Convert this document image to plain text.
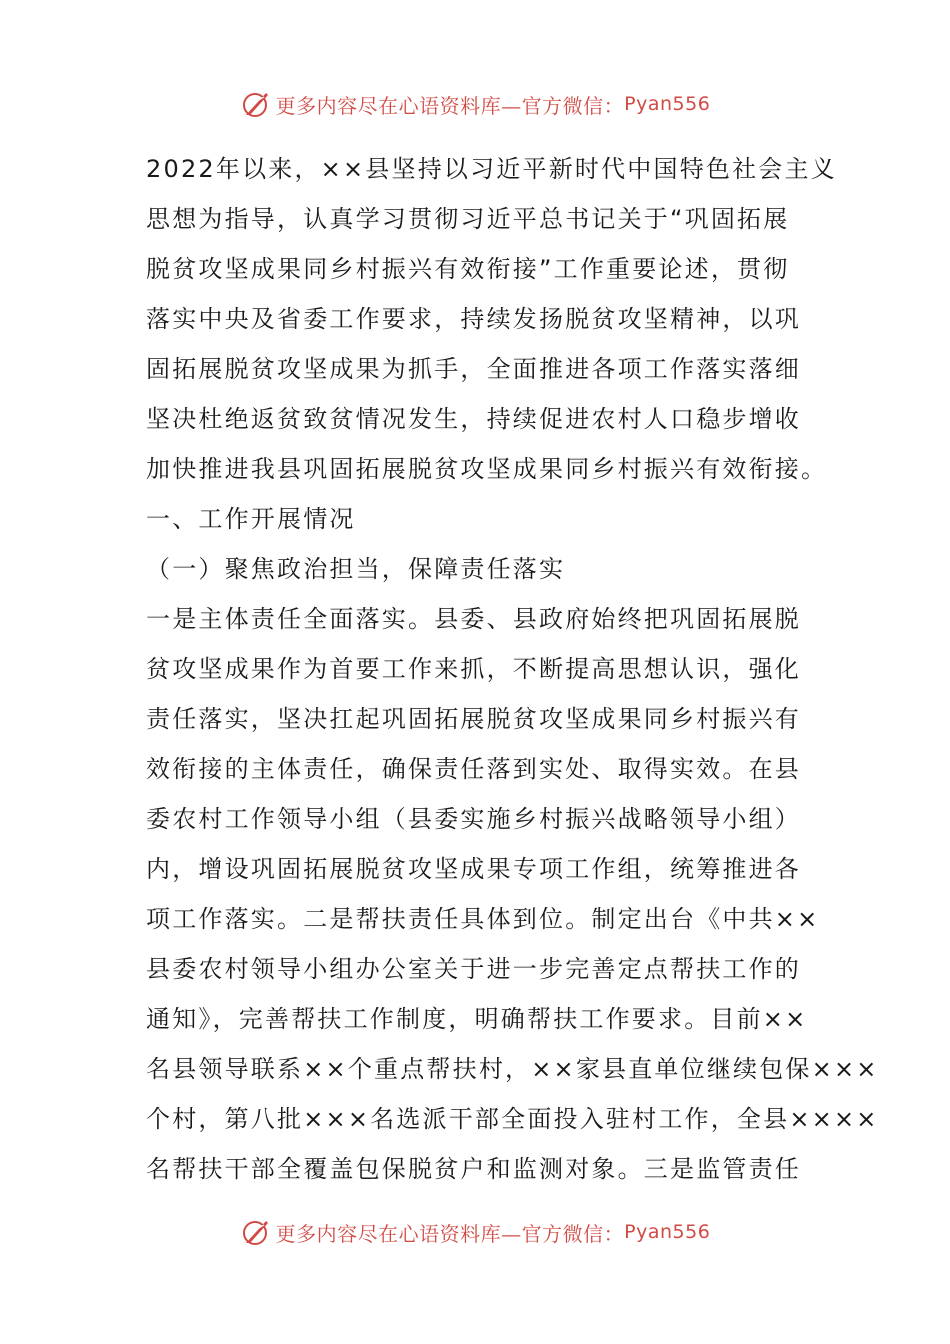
更多内容尽在心语资料库—官方微信： Pyan556
2022年以来，××县坚持以习近平新时代中国特色社会主义
思想为指导，认真学习贯彻习近平总书记关于“巩固拓展
脱贫攻坚成果同乡村振兴有效衔接”工作重要论述，贯彻
落实中央及省委工作要求，持续发扬脱贫攻坚精神，以巩
固拓展脱贫攻坚成果为抓手，全面推进各项工作落实落细
坚决杜绝返贫致贫情况发生，持续促进农村人口稳步增收
加快推进我县巩固拓展脱贫攻坚成果同乡村振兴有效衔接。
一、工作开展情况
（一）聚焦政治担当，保障责任落实
一是主体责任全面落实。县委、县政府始终把巩固拓展脱
贫攻坚成果作为首要工作来抓，不断提高思想认识，强化
责任落实，坚决扛起巩固拓展脱贫攻坚成果同乡村振兴有
效衔接的主体责任，确保责任落到实处、取得实效。在县
委农村工作领导小组（县委实施乡村振兴战略领导小组）
内，增设巩固拓展脱贫攻坚成果专项工作组，统筹推进各
项工作落实。二是帮扶责任具体到位。制定出台《中共××
县委农村领导小组办公室关于进一步完善定点帮扶工作的
通知》，完善帮扶工作制度，明确帮扶工作要求。目前××
名县领导联系××个重点帮扶村，××家县直单位继续包保×××
个村，第八批×××名选派干部全面投入驻村工作，全县××××
名帮扶干部全覆盖包保脱贫户和监测对象。三是监管责任
更多内容尽在心语资料库—官方微信： Pyan556
